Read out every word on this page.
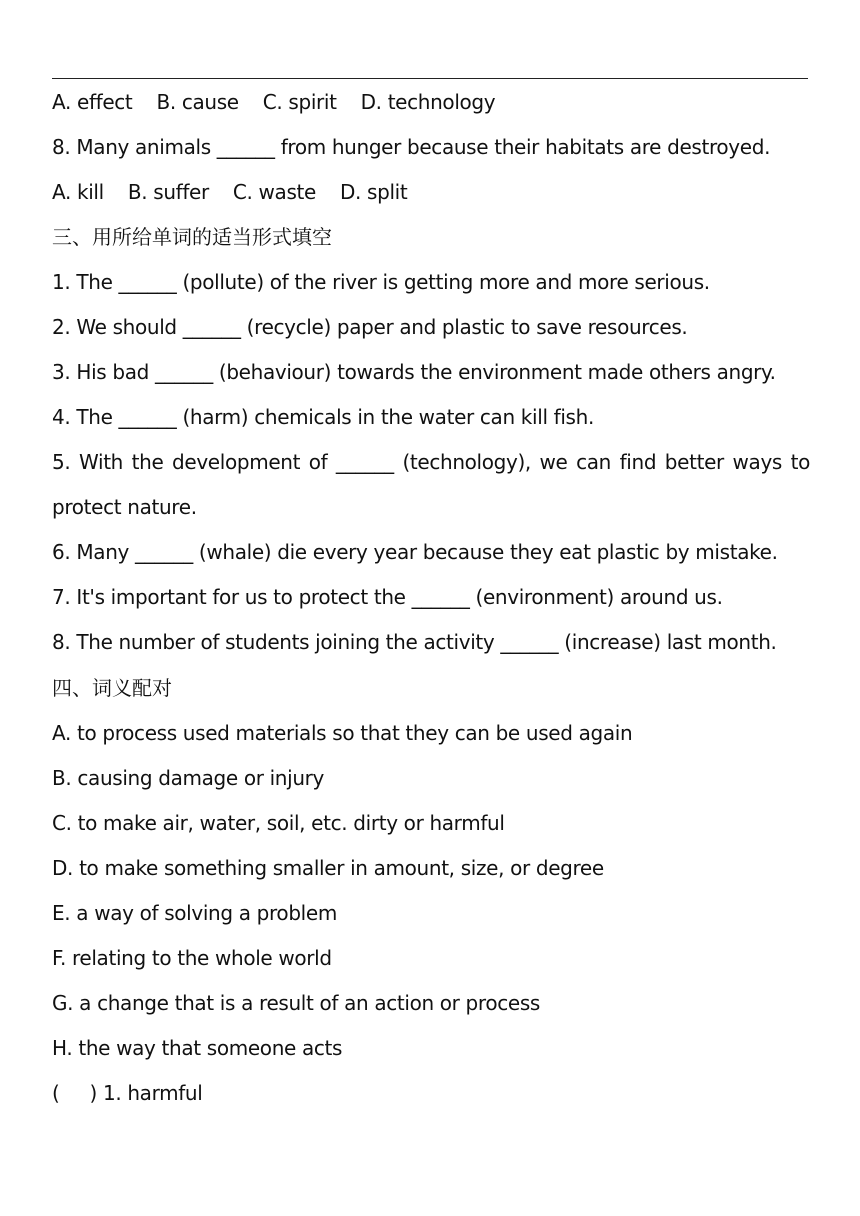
A. effect    B. cause    C. spirit    D. technology
8. Many animals ______ from hunger because their habitats are destroyed.
A. kill    B. suffer    C. waste    D. split
三、用所给单词的适当形式填空
1. The ______ (pollute) of the river is getting more and more serious.
2. We should ______ (recycle) paper and plastic to save resources.
3. His bad ______ (behaviour) towards the environment made others angry.
4. The ______ (harm) chemicals in the water can kill fish.
5. With the development of ______ (technology), we can find better ways to
protect nature.
6. Many ______ (whale) die every year because they eat plastic by mistake.
7. It's important for us to protect the ______ (environment) around us.
8. The number of students joining the activity ______ (increase) last month.
四、词义配对
A. to process used materials so that they can be used again
B. causing damage or injury
C. to make air, water, soil, etc. dirty or harmful
D. to make something smaller in amount, size, or degree
E. a way of solving a problem
F. relating to the whole world
G. a change that is a result of an action or process
H. the way that someone acts
(     ) 1. harmful
